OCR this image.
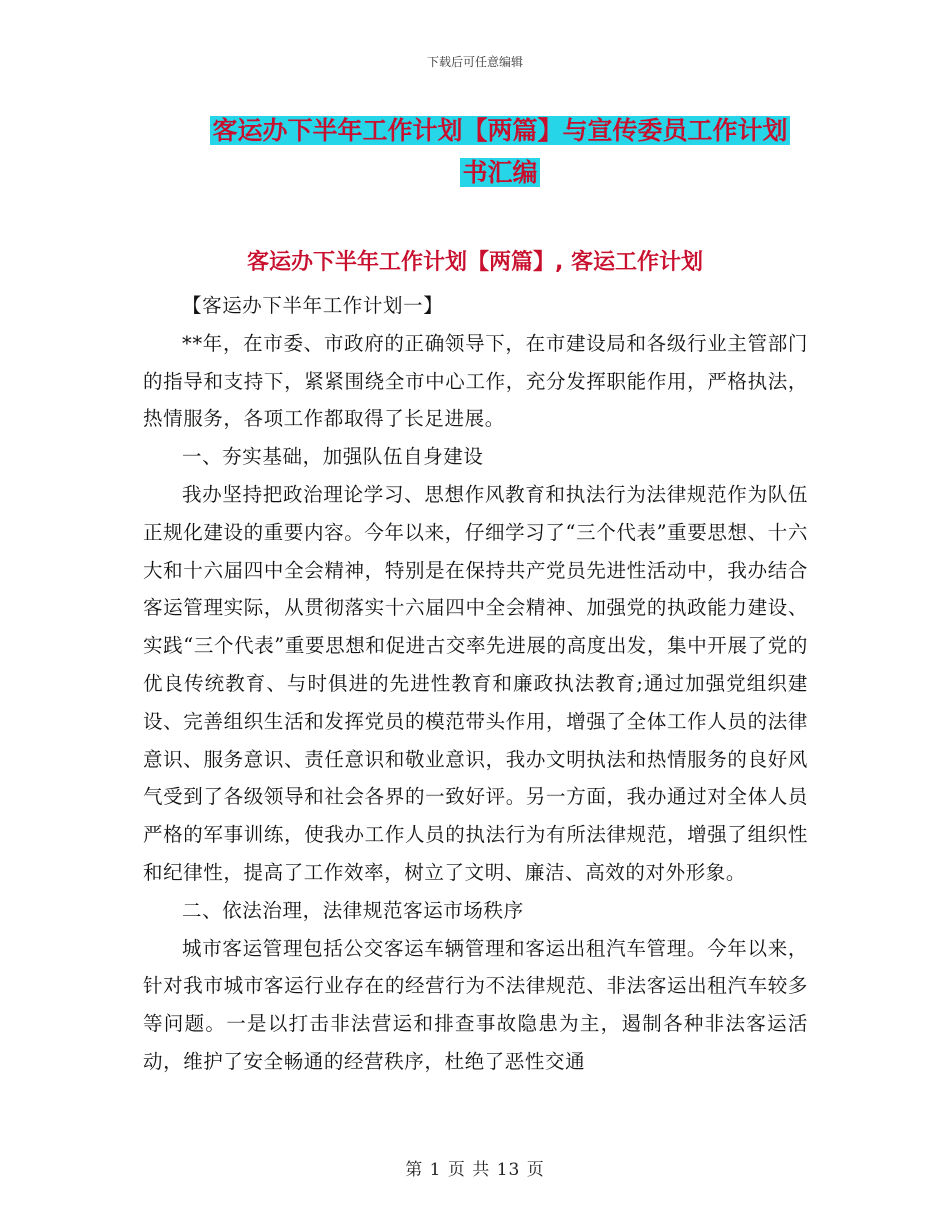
下载后可任意编辑
客运办下半年工作计划【两篇】与宣传委员工作计划
书汇编
客运办下半年工作计划【两篇】, 客运工作计划

【客运办下半年工作计划一】

**年，在市委、市政府的正确领导下，在市建设局和各级行业主管部门的指导和支持下，紧紧围绕全市中心工作，充分发挥职能作用，严格执法，热情服务，各项工作都取得了长足进展。

一、夯实基础，加强队伍自身建设

我办坚持把政治理论学习、思想作风教育和执法行为法律规范作为队伍正规化建设的重要内容。今年以来，仔细学习了“三个代表”重要思想、十六大和十六届四中全会精神，特别是在保持共产党员先进性活动中，我办结合客运管理实际，从贯彻落实十六届四中全会精神、加强党的执政能力建设、实践“三个代表”重要思想和促进古交率先进展的高度出发，集中开展了党的优良传统教育、与时俱进的先进性教育和廉政执法教育;通过加强党组织建设、完善组织生活和发挥党员的模范带头作用，增强了全体工作人员的法律意识、服务意识、责任意识和敬业意识，我办文明执法和热情服务的良好风气受到了各级领导和社会各界的一致好评。另一方面，我办通过对全体人员严格的军事训练，使我办工作人员的执法行为有所法律规范，增强了组织性和纪律性，提高了工作效率，树立了文明、廉洁、高效的对外形象。

二、依法治理，法律规范客运市场秩序

城市客运管理包括公交客运车辆管理和客运出租汽车管理。今年以来，针对我市城市客运行业存在的经营行为不法律规范、非法客运出租汽车较多等问题。一是以打击非法营运和排查事故隐患为主，遏制各种非法客运活动，维护了安全畅通的经营秩序，杜绝了恶性交通

第 1 页 共 13 页
